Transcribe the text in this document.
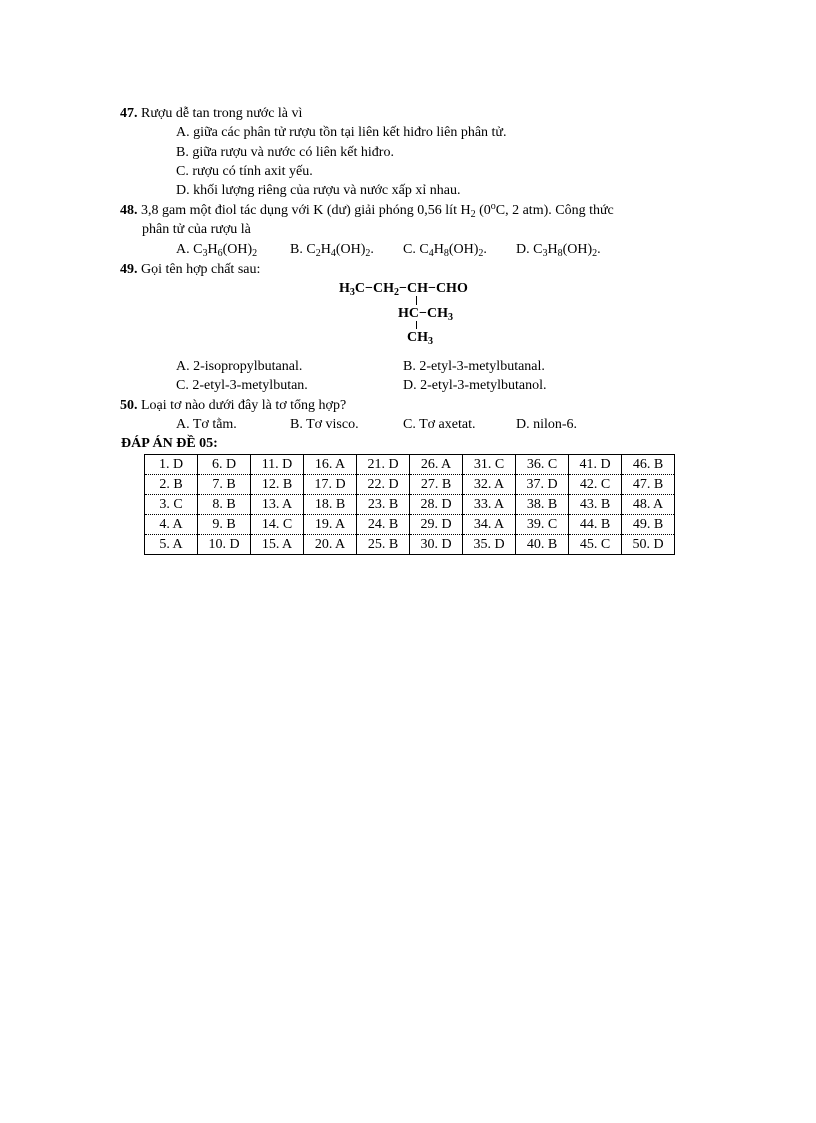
47. Rượu dễ tan trong nước là vì
A. giữa các phân tử rượu tồn tại liên kết hiđro liên phân tử.
B. giữa rượu và nước có liên kết hiđro.
C. rượu có tính axit yếu.
D. khối lượng riêng của rượu và nước xấp xỉ nhau.
48. 3,8 gam một điol tác dụng với K (dư) giải phóng 0,56 lít $H_2$ (0$^o$C, 2 atm). Công thức
phân tử của rượu là
A. $C_3H_6(OH)_2$ B. $C_2H_4(OH)_2$. C. $C_4H_8(OH)_2$. D. $C_3H_8(OH)_2$.
49. Gọi tên hợp chất sau:
$H_3C-CH_2-CH-CHO$
$HC-CH_3$
$CH_3$
A. 2-isopropylbutanal.	B. 2-etyl-3-metylbutanal.
C. 2-etyl-3-metylbutan.	D. 2-etyl-3-metylbutanol.
50. Loại tơ nào dưới đây là tơ tổng hợp?
A. Tơ tằm.	B. Tơ visco.	C. Tơ axetat.	D. nilon-6.
ĐÁP ÁN ĐỀ 05:
1. D	6. D	11. D	16. A	21. D	26. A	31. C	36. C	41. D	46. B
2. B	7. B	12. B	17. D	22. D	27. B	32. A	37. D	42. C	47. B
3. C	8. B	13. A	18. B	23. B	28. D	33. A	38. B	43. B	48. A
4. A	9. B	14. C	19. A	24. B	29. D	34. A	39. C	44. B	49. B
5. A	10. D	15. A	20. A	25. B	30. D	35. D	40. B	45. C	50. D
